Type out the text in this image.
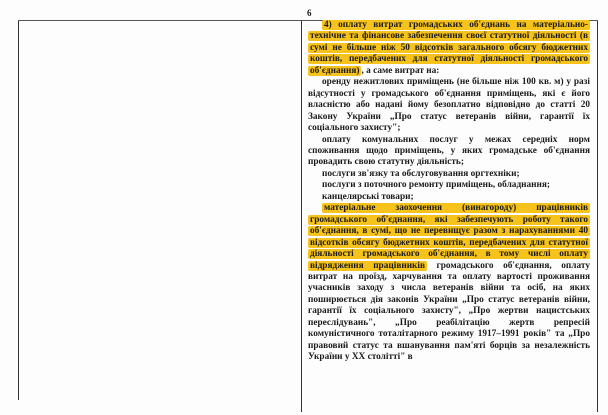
6

4) оплату витрат громадських об'єднань на матеріально-технічне та фінансове забезпечення своєї статутної діяльності (в сумі не більше ніж 50 відсотків загального обсягу бюджетних коштів, передбачених для статутної діяльності громадського об'єднання) , а саме витрат на:

оренду нежитлових приміщень (не більше ніж 100 кв. м) у разі відсутності у громадського об'єднання приміщень, які є його власністю або надані йому безоплатно відповідно до статті 20 Закону України „Про статус ветеранів війни, гарантії їх соціального захисту";

оплату комунальних послуг у межах середніх норм споживання щодо приміщень, у яких громадське об'єднання провадить свою статутну діяльність;

послуги зв'язку та обслуговування оргтехніки;

послуги з поточного ремонту приміщень, обладнання;

канцелярські товари;

матеріальне заохочення (винагороду) працівників громадського об'єднання, які забезпечують роботу такого об'єднання, в сумі, що не перевищує разом з нарахуваннями 40 відсотків обсягу бюджетних коштів, передбачених для статутної діяльності громадського об'єднання, в тому числі оплату відрядження працівників громадського об'єднання, оплату витрат на проїзд, харчування та оплату вартості проживання учасників заходу з числа ветеранів війни та осіб, на яких поширюється дія законів України „Про статус ветеранів війни, гарантії їх соціального захисту", „Про жертви нацистських переслідувань", „Про реабілітацію жертв репресій комуністичного тоталітарного режиму 1917–1991 років" та „Про правовий статус та вшанування пам'яті борців за незалежність України у XX столітті" в
